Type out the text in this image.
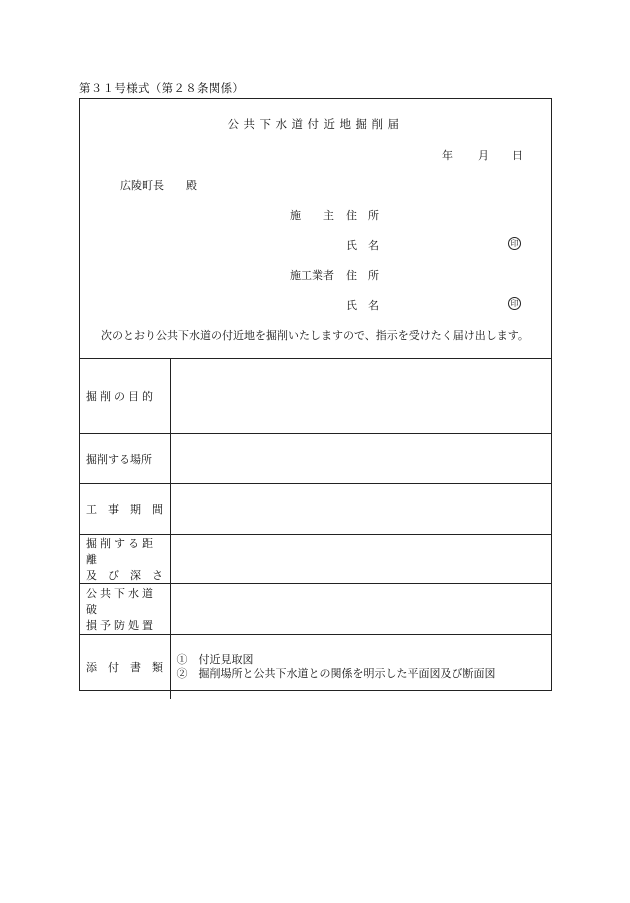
第３１号様式（第２８条関係）
公共下水道付近地掘削届
年 月 日
広陵町長　　殿
施　　主 住　所
氏　名	印
施工業者 住　所
氏　名	印
次のとおり公共下水道の付近地を掘削いたしますので、指示を受けたく届け出します。
掘削の目的	
掘削する場所	
工　事　期　間	

掘削する距離
及　び　深　さ	

公共下水道破
損予防処置	

添　付　書　類	①　付近見取図
②　掘削場所と公共下水道との関係を明示した平面図及び断面図
